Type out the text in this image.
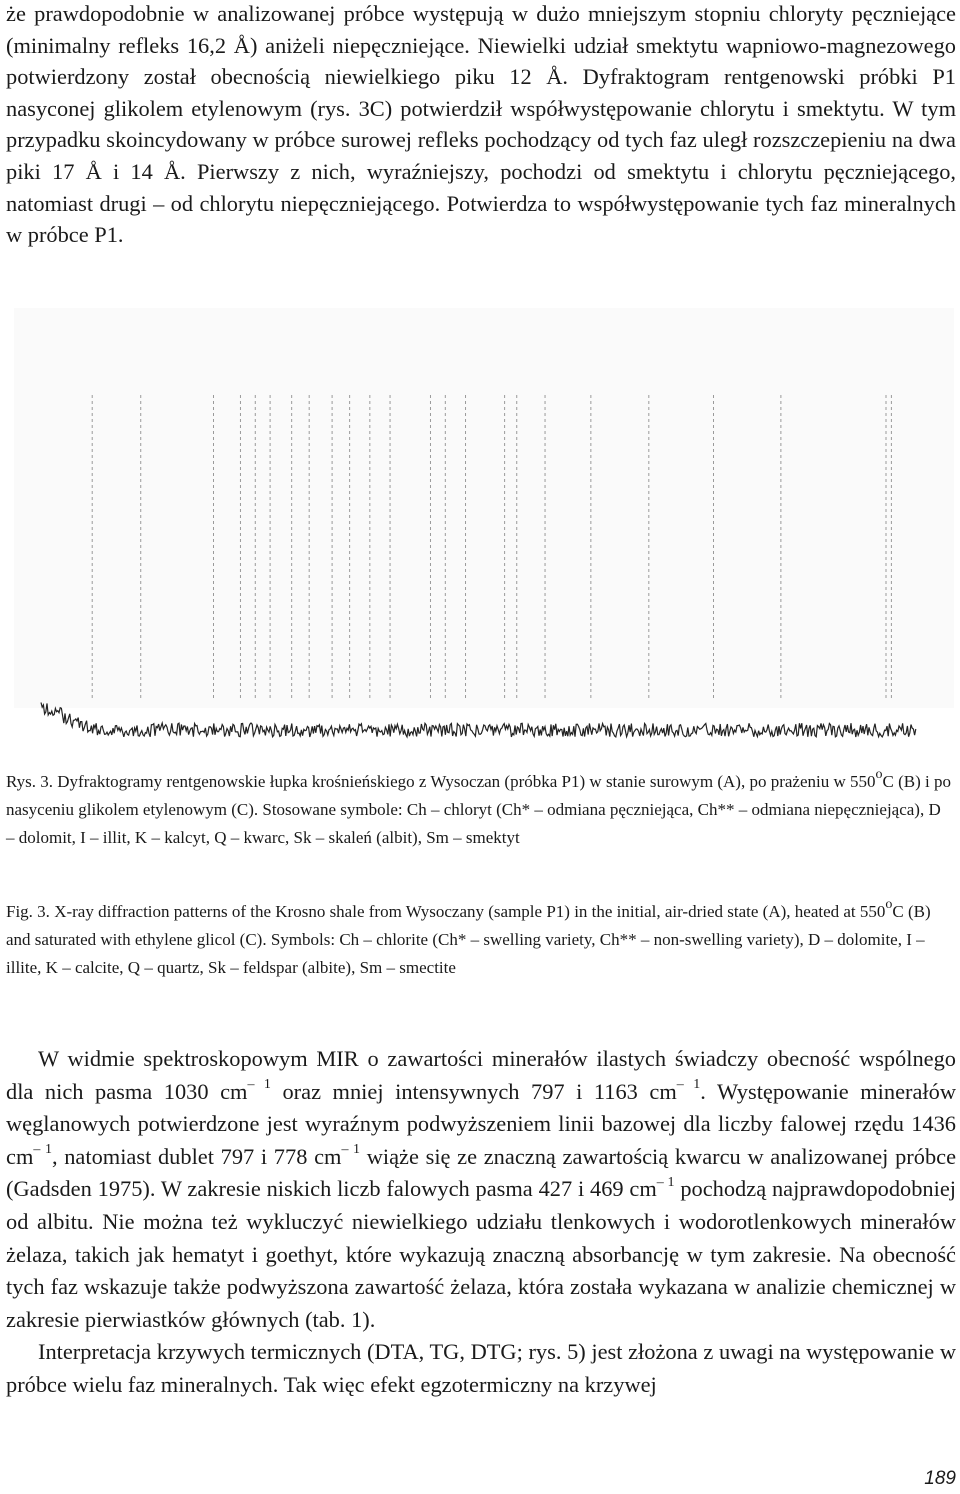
że prawdopodobnie w analizowanej próbce występują w dużo mniejszym stopniu chloryty pęczniejące (minimalny refleks 16,2 Å) aniżeli niepęczniejące. Niewielki udział smektytu wapniowo-magnezowego potwierdzony został obecnością niewielkiego piku 12 Å. Dyfraktogram rentgenowski próbki P1 nasyconej glikolem etylenowym (rys. 3C) potwierdził współwystępowanie chlorytu i smektytu. W tym przypadku skoincydowany w próbce surowej refleks pochodzący od tych faz uległ rozszczepieniu na dwa piki 17 Å i 14 Å. Pierwszy z nich, wyraźniejszy, pochodzi od smektytu i chlorytu pęczniejącego, natomiast drugi – od chlorytu niepęczniejącego. Potwierdza to współwystępowanie tych faz mineralnych w próbce P1.

Rys. 3. Dyfraktogramy rentgenowskie łupka krośnieńskiego z Wysoczan (próbka P1) w stanie surowym (A), po prażeniu w 550$^o$C (B) i po nasyceniu glikolem etylenowym (C). Stosowane symbole: Ch – chloryt (Ch* – odmiana pęczniejąca, Ch** – odmiana niepęczniejąca), D – dolomit, I – illit, K – kalcyt, Q – kwarc, Sk – skaleń (albit), Sm – smektyt
Fig. 3. X-ray diffraction patterns of the Krosno shale from Wysoczany (sample P1) in the initial, air-dried state (A), heated at 550$^o$C (B) and saturated with ethylene glicol (C). Symbols: Ch – chlorite (Ch* – swelling variety, Ch** – non-swelling variety), D – dolomite, I – illite, K – calcite, Q – quartz, Sk – feldspar (albite), Sm – smectite

W widmie spektroskopowym MIR o zawartości minerałów ilastych świadczy obecność wspólnego dla nich pasma 1030 $cm^{- 1}$ oraz mniej intensywnych 797 i 1163 $cm^{- 1}$. Występowanie minerałów węglanowych potwierdzone jest wyraźnym podwyższeniem linii bazowej dla liczby falowej rzędu 1436 $cm^{- 1}$, natomiast dublet 797 i 778 $cm^{- 1}$ wiąże się ze znaczną zawartością kwarcu w analizowanej próbce (Gadsden 1975). W zakresie niskich liczb falowych pasma 427 i 469 $cm^{- 1}$ pochodzą najprawdopodobniej od albitu. Nie można też wykluczyć niewielkiego udziału tlenkowych i wodorotlenkowych minerałów żelaza, takich jak hematyt i goethyt, które wykazują znaczną absorbancję w tym zakresie. Na obecność tych faz wskazuje także podwyższona zawartość żelaza, która została wykazana w analizie chemicznej w zakresie pierwiastków głównych (tab. 1).

Interpretacja krzywych termicznych (DTA, TG, DTG; rys. 5) jest złożona z uwagi na występowanie w próbce wielu faz mineralnych. Tak więc efekt egzotermiczny na krzywej

189
